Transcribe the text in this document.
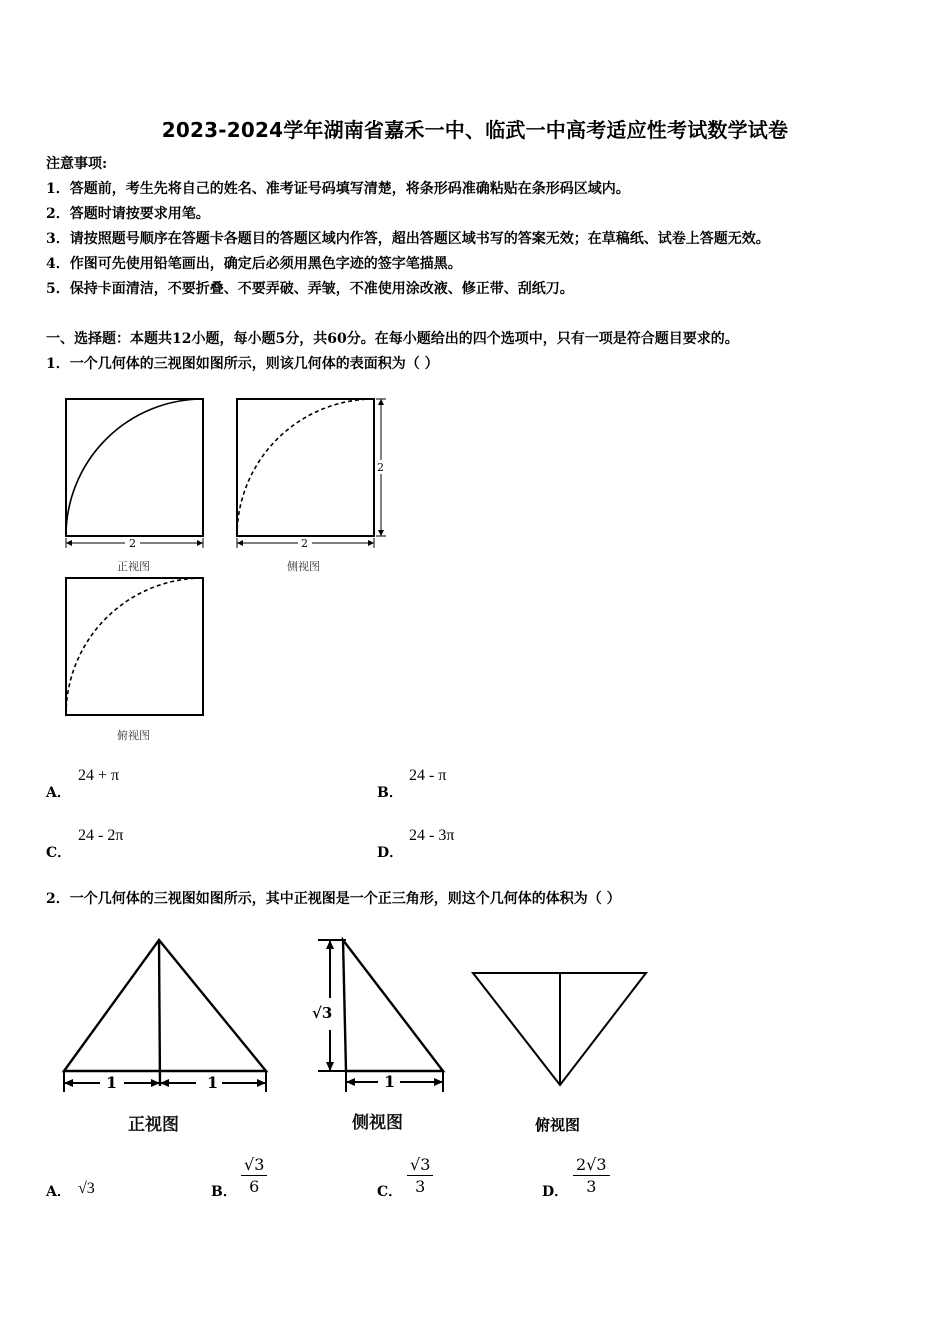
2023-2024学年湖南省嘉禾一中、临武一中高考适应性考试数学试卷
注意事项:
1．答题前，考生先将自己的姓名、准考证号码填写清楚，将条形码准确粘贴在条形码区域内。
2．答题时请按要求用笔。
3．请按照题号顺序在答题卡各题目的答题区域内作答，超出答题区域书写的答案无效；在草稿纸、试卷上答题无效。
4．作图可先使用铅笔画出，确定后必须用黑色字迹的签字笔描黑。
5．保持卡面清洁，不要折叠、不要弄破、弄皱，不准使用涂改液、修正带、刮纸刀。
一、选择题：本题共12小题，每小题5分，共60分。在每小题给出的四个选项中，只有一项是符合题目要求的。
1．一个几何体的三视图如图所示，则该几何体的表面积为（ ）
2	2
2
正视图	侧视图
俯视图
A．
24 + π
B．
24 - π
C．
24 - 2π
D．
24 - 3π
2．一个几何体的三视图如图所示，其中正视图是一个正三角形，则这个几何体的体积为（ ）
1	1	1
√3
正视图	侧视图	俯视图
A． √3	B． $\frac{√3}{6}$	C． $\frac{√3}{3}$	D． $\frac{2√3}{3}$
